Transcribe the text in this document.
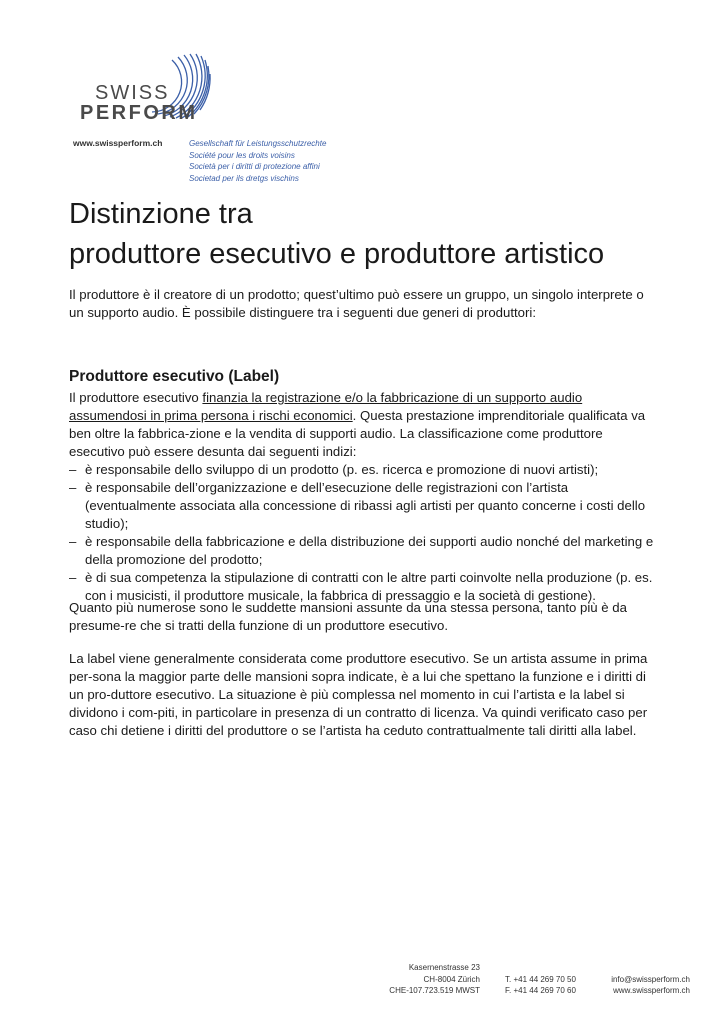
SWISS
PERFORM
www.swissperform.ch	Gesellschaft für Leistungsschutzrechte
Société pour les droits voisins
Società per i diritti di protezione affini
Societad per ils dretgs vischins
Distinzione tra
produttore esecutivo e produttore artistico

Il produttore è il creatore di un prodotto; quest’ultimo può essere un gruppo, un singolo interprete o un supporto audio. È possibile distinguere tra i seguenti due generi di produttori:

Produttore esecutivo (Label)

Il produttore esecutivo finanzia la registrazione e/o la fabbricazione di un supporto audio assumendosi in prima persona i rischi economici. Questa prestazione imprenditoriale qualificata va ben oltre la fabbrica-zione e la vendita di supporti audio. La classificazione come produttore esecutivo può essere desunta dai seguenti indizi:

– è responsabile dello sviluppo di un prodotto (p. es. ricerca e promozione di nuovi artisti);
– è responsabile dell’organizzazione e dell’esecuzione delle registrazioni con l’artista (eventualmente associata alla concessione di ribassi agli artisti per quanto concerne i costi dello studio);
– è responsabile della fabbricazione e della distribuzione dei supporti audio nonché del marketing e della promozione del prodotto;
– è di sua competenza la stipulazione di contratti con le altre parti coinvolte nella produzione (p. es. con i musicisti, il produttore musicale, la fabbrica di pressaggio e la società di gestione).

Quanto più numerose sono le suddette mansioni assunte da una stessa persona, tanto più è da presume-re che si tratti della funzione di un produttore esecutivo.

La label viene generalmente considerata come produttore esecutivo. Se un artista assume in prima per-sona la maggior parte delle mansioni sopra indicate, è a lui che spettano la funzione e i diritti di un pro-duttore esecutivo. La situazione è più complessa nel momento in cui l’artista e la label si dividono i com-piti, in particolare in presenza di un contratto di licenza. Va quindi verificato caso per caso chi detiene i diritti del produttore o se l’artista ha ceduto contrattualmente tali diritti alla label.

Kasernenstrasse 23
CH-8004 Zürich
CHE-107.723.519 MWST
T. +41 44 269 70 50
F. +41 44 269 70 60
info@swissperform.ch
www.swissperform.ch
